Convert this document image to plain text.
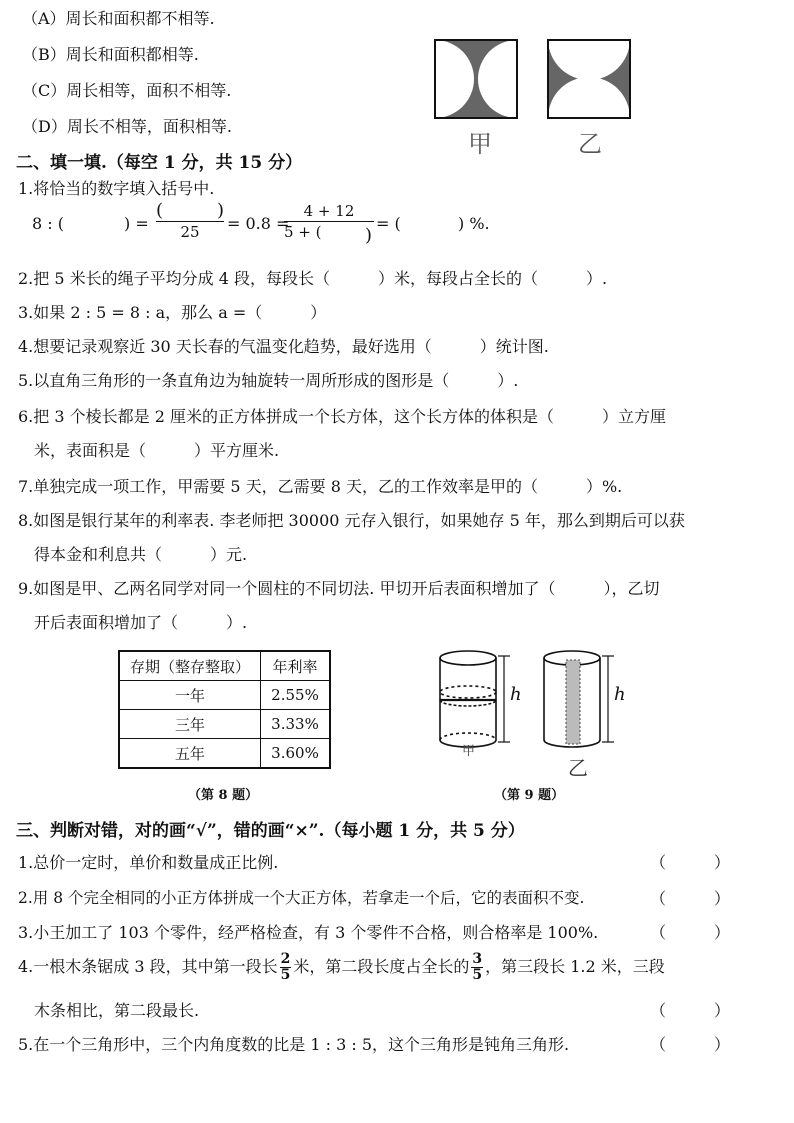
（A）周长和面积都不相等.
（B）周长和面积都相等.
（C）周长相等，面积不相等.
（D）周长不相等，面积相等.
甲	乙
二、填一填.（每空 1 分，共 15 分）
1.将恰当的数字填入括号中.
8 : (	) =
(	)
25	= 0.8 =
4 + 12
5 + ( )
= (	) %.
2.把 5 米长的绳子平均分成 4 段，每段长（　　　）米，每段占全长的（　　　）.
3.如果 2 : 5 = 8 : a，那么 a =（　　　）
4.想要记录观察近 30 天长春的气温变化趋势，最好选用（　　　）统计图.
5.以直角三角形的一条直角边为轴旋转一周所形成的图形是（　　　）.
6.把 3 个棱长都是 2 厘米的正方体拼成一个长方体，这个长方体的体积是（　　　）立方厘
米，表面积是（　　　）平方厘米.
7.单独完成一项工作，甲需要 5 天，乙需要 8 天，乙的工作效率是甲的（　　　）%.
8.如图是银行某年的利率表. 李老师把 30000 元存入银行，如果她存 5 年，那么到期后可以获
得本金和利息共（　　　）元.
9.如图是甲、乙两名同学对同一个圆柱的不同切法. 甲切开后表面积增加了（　　　），乙切
开后表面积增加了（　　　）.
存期（整存整取）	年利率
一年	2.55%
三年	3.33%
五年	3.60%
（第 8 题）
h	h
甲
乙
（第 9 题）
三、判断对错，对的画“√”，错的画“×”.（每小题 1 分，共 5 分）
1.总价一定时，单价和数量成正比例.	（　　　）
2.用 8 个完全相同的小正方体拼成一个大正方体，若拿走一个后，它的表面积不变.	（　　　）
3.小王加工了 103 个零件，经严格检查，有 3 个零件不合格，则合格率是 100%.	（　　　）
4.一根木条锯成 3 段，其中第一段长 $\frac{2}{5}$ 米，第二段长度占全长的 $\frac{3}{5}$ ，第三段长 1.2 米，三段
木条相比，第二段最长.	（　　　）
5.在一个三角形中，三个内角度数的比是 1 : 3 : 5，这个三角形是钝角三角形.	（　　　）
